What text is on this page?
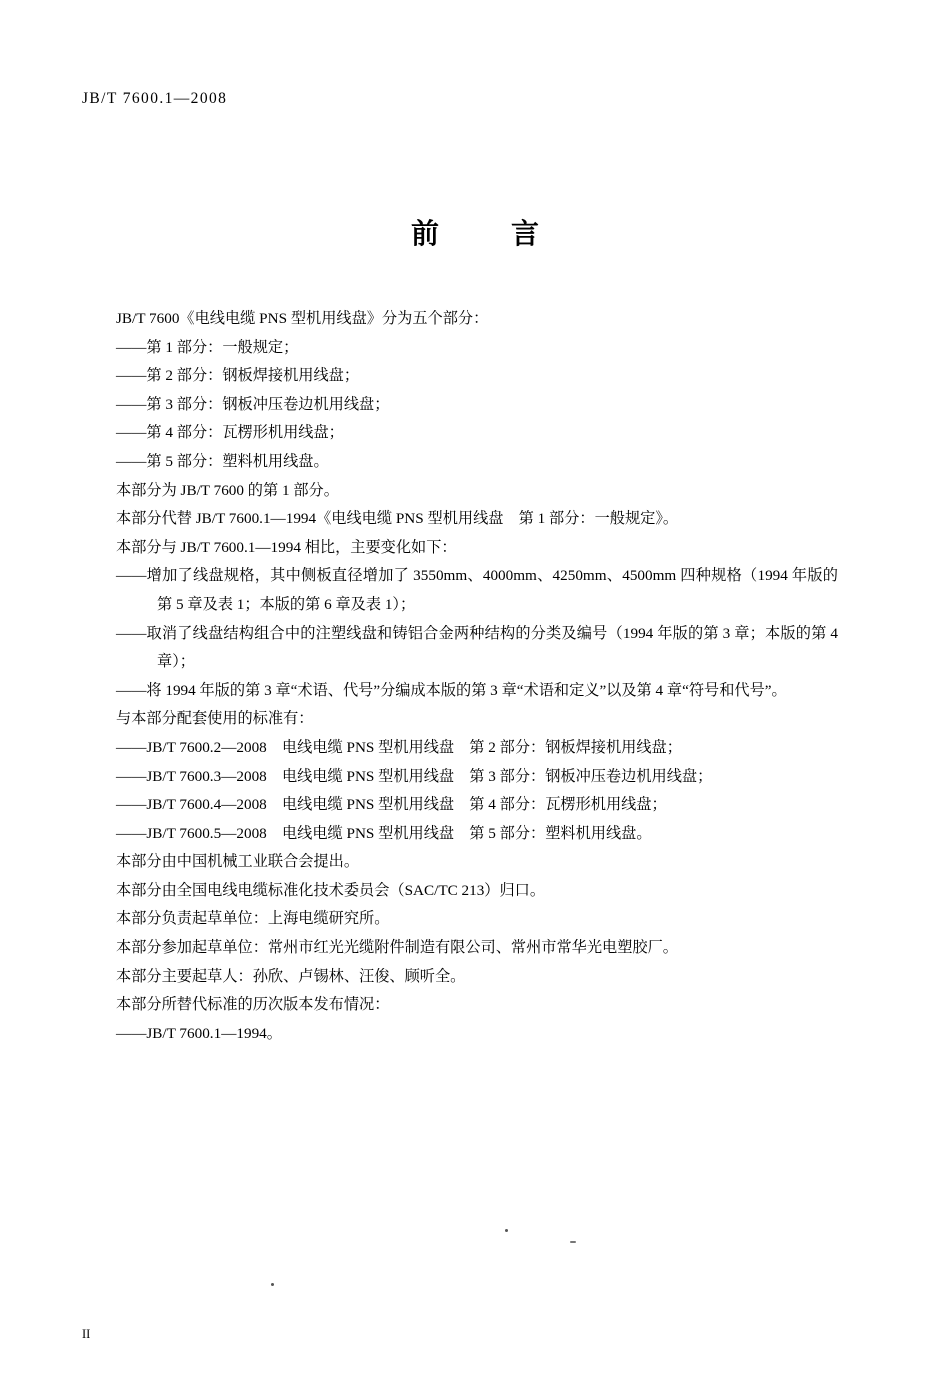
JB/T 7600.1—2008
前　言

JB/T 7600《电线电缆 PNS 型机用线盘》分为五个部分：

——第 1 部分：一般规定；

——第 2 部分：钢板焊接机用线盘；

——第 3 部分：钢板冲压卷边机用线盘；

——第 4 部分：瓦楞形机用线盘；

——第 5 部分：塑料机用线盘。

本部分为 JB/T 7600 的第 1 部分。

本部分代替 JB/T 7600.1—1994《电线电缆 PNS 型机用线盘　第 1 部分：一般规定》。

本部分与 JB/T 7600.1—1994 相比，主要变化如下：

——增加了线盘规格，其中侧板直径增加了 3550mm、4000mm、4250mm、4500mm 四种规格（1994 年版的第 5 章及表 1；本版的第 6 章及表 1）；

——取消了线盘结构组合中的注塑线盘和铸铝合金两种结构的分类及编号（1994 年版的第 3 章；本版的第 4 章）；

——将 1994 年版的第 3 章“术语、代号”分编成本版的第 3 章“术语和定义”以及第 4 章“符号和代号”。

与本部分配套使用的标准有：

——JB/T 7600.2—2008　电线电缆 PNS 型机用线盘　第 2 部分：钢板焊接机用线盘；

——JB/T 7600.3—2008　电线电缆 PNS 型机用线盘　第 3 部分：钢板冲压卷边机用线盘；

——JB/T 7600.4—2008　电线电缆 PNS 型机用线盘　第 4 部分：瓦楞形机用线盘；

——JB/T 7600.5—2008　电线电缆 PNS 型机用线盘　第 5 部分：塑料机用线盘。

本部分由中国机械工业联合会提出。

本部分由全国电线电缆标准化技术委员会（SAC/TC 213）归口。

本部分负责起草单位：上海电缆研究所。

本部分参加起草单位：常州市红光光缆附件制造有限公司、常州市常华光电塑胶厂。

本部分主要起草人：孙欣、卢锡林、汪俊、顾听全。

本部分所替代标准的历次版本发布情况：

——JB/T 7600.1—1994。

II
